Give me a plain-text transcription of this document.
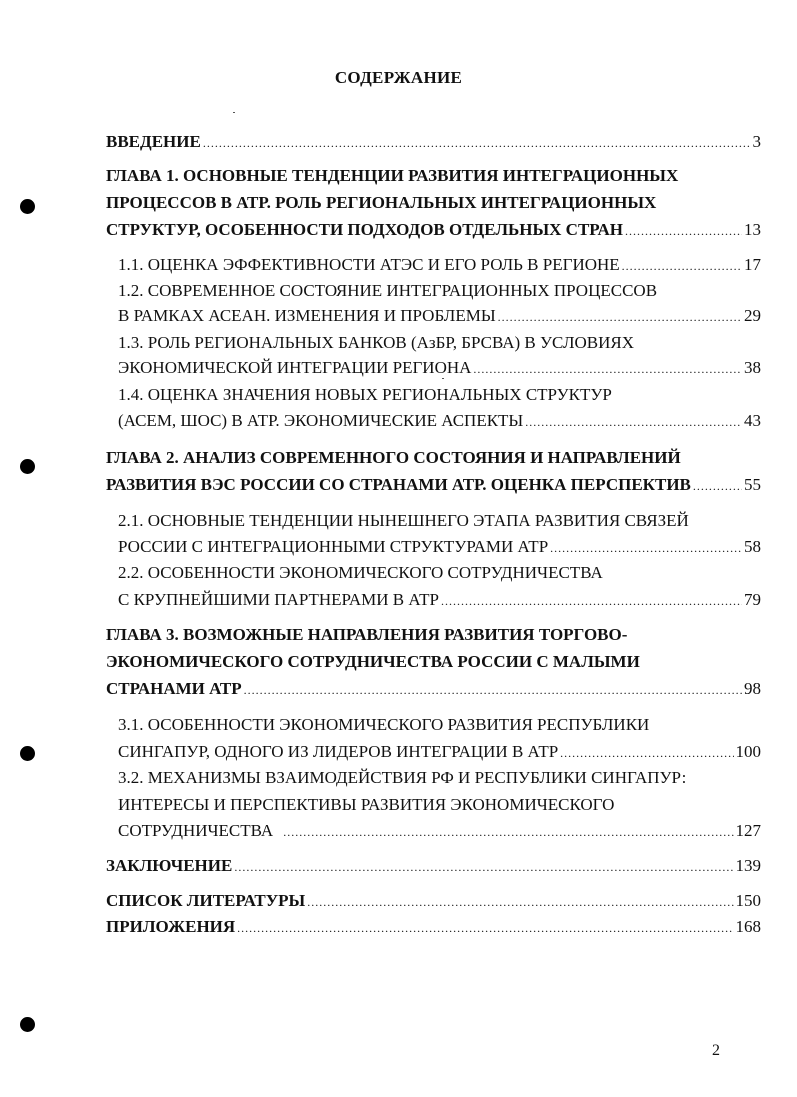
СОДЕРЖАНИЕ
ВВЕДЕНИЕ .....	3
ГЛАВА 1. ОСНОВНЫЕ ТЕНДЕНЦИИ РАЗВИТИЯ ИНТЕГРАЦИОННЫХ
ПРОЦЕССОВ В АТР. РОЛЬ РЕГИОНАЛЬНЫХ ИНТЕГРАЦИОННЫХ
СТРУКТУР, ОСОБЕННОСТИ ПОДХОДОВ ОТДЕЛЬНЫХ СТРАН .....	13
1.1. ОЦЕНКА ЭФФЕКТИВНОСТИ АТЭС И ЕГО РОЛЬ В РЕГИОНЕ .....	17
1.2. СОВРЕМЕННОЕ СОСТОЯНИЕ ИНТЕГРАЦИОННЫХ ПРОЦЕССОВ
В РАМКАХ АСЕАН. ИЗМЕНЕНИЯ И ПРОБЛЕМЫ .....	29
1.3. РОЛЬ РЕГИОНАЛЬНЫХ БАНКОВ (АзБР, БРСВА) В УСЛОВИЯХ
ЭКОНОМИЧЕСКОЙ ИНТЕГРАЦИИ РЕГИОНА .....	38
1.4. ОЦЕНКА ЗНАЧЕНИЯ НОВЫХ РЕГИОНАЛЬНЫХ СТРУКТУР
(АСЕМ, ШОС) В АТР. ЭКОНОМИЧЕСКИЕ АСПЕКТЫ .....	43
ГЛАВА 2. АНАЛИЗ СОВРЕМЕННОГО СОСТОЯНИЯ И НАПРАВЛЕНИЙ
РАЗВИТИЯ ВЭС РОССИИ СО СТРАНАМИ АТР. ОЦЕНКА ПЕРСПЕКТИВ .....	55
2.1. ОСНОВНЫЕ ТЕНДЕНЦИИ НЫНЕШНЕГО ЭТАПА РАЗВИТИЯ СВЯЗЕЙ
РОССИИ С ИНТЕГРАЦИОННЫМИ СТРУКТУРАМИ АТР .....	58
2.2. ОСОБЕННОСТИ ЭКОНОМИЧЕСКОГО СОТРУДНИЧЕСТВА
С КРУПНЕЙШИМИ ПАРТНЕРАМИ В АТР .....	79
ГЛАВА 3. ВОЗМОЖНЫЕ НАПРАВЛЕНИЯ РАЗВИТИЯ ТОРГОВО-
ЭКОНОМИЧЕСКОГО СОТРУДНИЧЕСТВА РОССИИ С МАЛЫМИ
СТРАНАМИ АТР .....	98
3.1. ОСОБЕННОСТИ ЭКОНОМИЧЕСКОГО РАЗВИТИЯ РЕСПУБЛИКИ
СИНГАПУР, ОДНОГО ИЗ ЛИДЕРОВ ИНТЕГРАЦИИ В АТР .....	100
3.2. МЕХАНИЗМЫ ВЗАИМОДЕЙСТВИЯ РФ И РЕСПУБЛИКИ СИНГАПУР:
ИНТЕРЕСЫ И ПЕРСПЕКТИВЫ РАЗВИТИЯ ЭКОНОМИЧЕСКОГО
СОТРУДНИЧЕСТВА .....	127
ЗАКЛЮЧЕНИЕ .....	139
СПИСОК ЛИТЕРАТУРЫ .....	150
ПРИЛОЖЕНИЯ .....	168
2
